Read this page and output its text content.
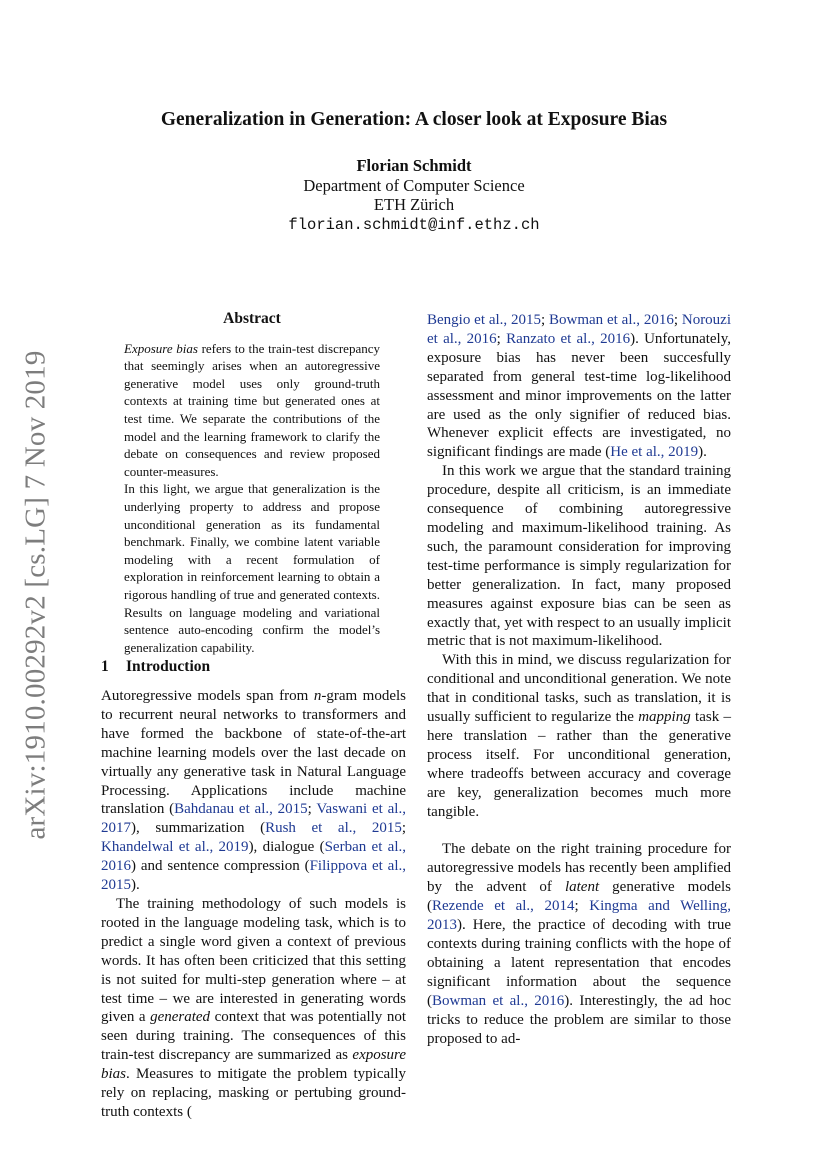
arXiv:1910.00292v2 [cs.LG] 7 Nov 2019
Generalization in Generation: A closer look at Exposure Bias
Florian Schmidt
Department of Computer Science
ETH Zürich
florian.schmidt@inf.ethz.ch
Abstract

Exposure bias refers to the train-test discrepancy that seemingly arises when an autoregressive generative model uses only ground-truth contexts at training time but generated ones at test time. We separate the contributions of the model and the learning framework to clarify the debate on consequences and review proposed counter-measures.

In this light, we argue that generalization is the underlying property to address and propose unconditional generation as its fundamental benchmark. Finally, we combine latent variable modeling with a recent formulation of exploration in reinforcement learning to obtain a rigorous handling of true and generated contexts. Results on language modeling and variational sentence auto-encoding confirm the model’s generalization capability.

1 Introduction

Autoregressive models span from n-gram models to recurrent neural networks to transformers and have formed the backbone of state-of-the-art machine learning models over the last decade on virtually any generative task in Natural Language Processing. Applications include machine translation (Bahdanau et al., 2015; Vaswani et al., 2017), summarization (Rush et al., 2015; Khandelwal et al., 2019), dialogue (Serban et al., 2016) and sentence compression (Filippova et al., 2015).

The training methodology of such models is rooted in the language modeling task, which is to predict a single word given a context of previous words. It has often been criticized that this setting is not suited for multi-step generation where – at test time – we are interested in generating words given a generated context that was potentially not seen during training. The consequences of this train-test discrepancy are summarized as exposure bias. Measures to mitigate the problem typically rely on replacing, masking or pertubing ground-truth contexts (

Bengio et al., 2015; Bowman et al., 2016; Norouzi et al., 2016; Ranzato et al., 2016). Unfortunately, exposure bias has never been succesfully separated from general test-time log-likelihood assessment and minor improvements on the latter are used as the only signifier of reduced bias. Whenever explicit effects are investigated, no significant findings are made (He et al., 2019).

In this work we argue that the standard training procedure, despite all criticism, is an immediate consequence of combining autoregressive modeling and maximum-likelihood training. As such, the paramount consideration for improving test-time performance is simply regularization for better generalization. In fact, many proposed measures against exposure bias can be seen as exactly that, yet with respect to an usually implicit metric that is not maximum-likelihood.

With this in mind, we discuss regularization for conditional and unconditional generation. We note that in conditional tasks, such as translation, it is usually sufficient to regularize the mapping task – here translation – rather than the generative process itself. For unconditional generation, where tradeoffs between accuracy and coverage are key, generalization becomes much more tangible.

The debate on the right training procedure for autoregressive models has recently been amplified by the advent of latent generative models (Rezende et al., 2014; Kingma and Welling, 2013). Here, the practice of decoding with true contexts during training conflicts with the hope of obtaining a latent representation that encodes significant information about the sequence (Bowman et al., 2016). Interestingly, the ad hoc tricks to reduce the problem are similar to those proposed to ad-
